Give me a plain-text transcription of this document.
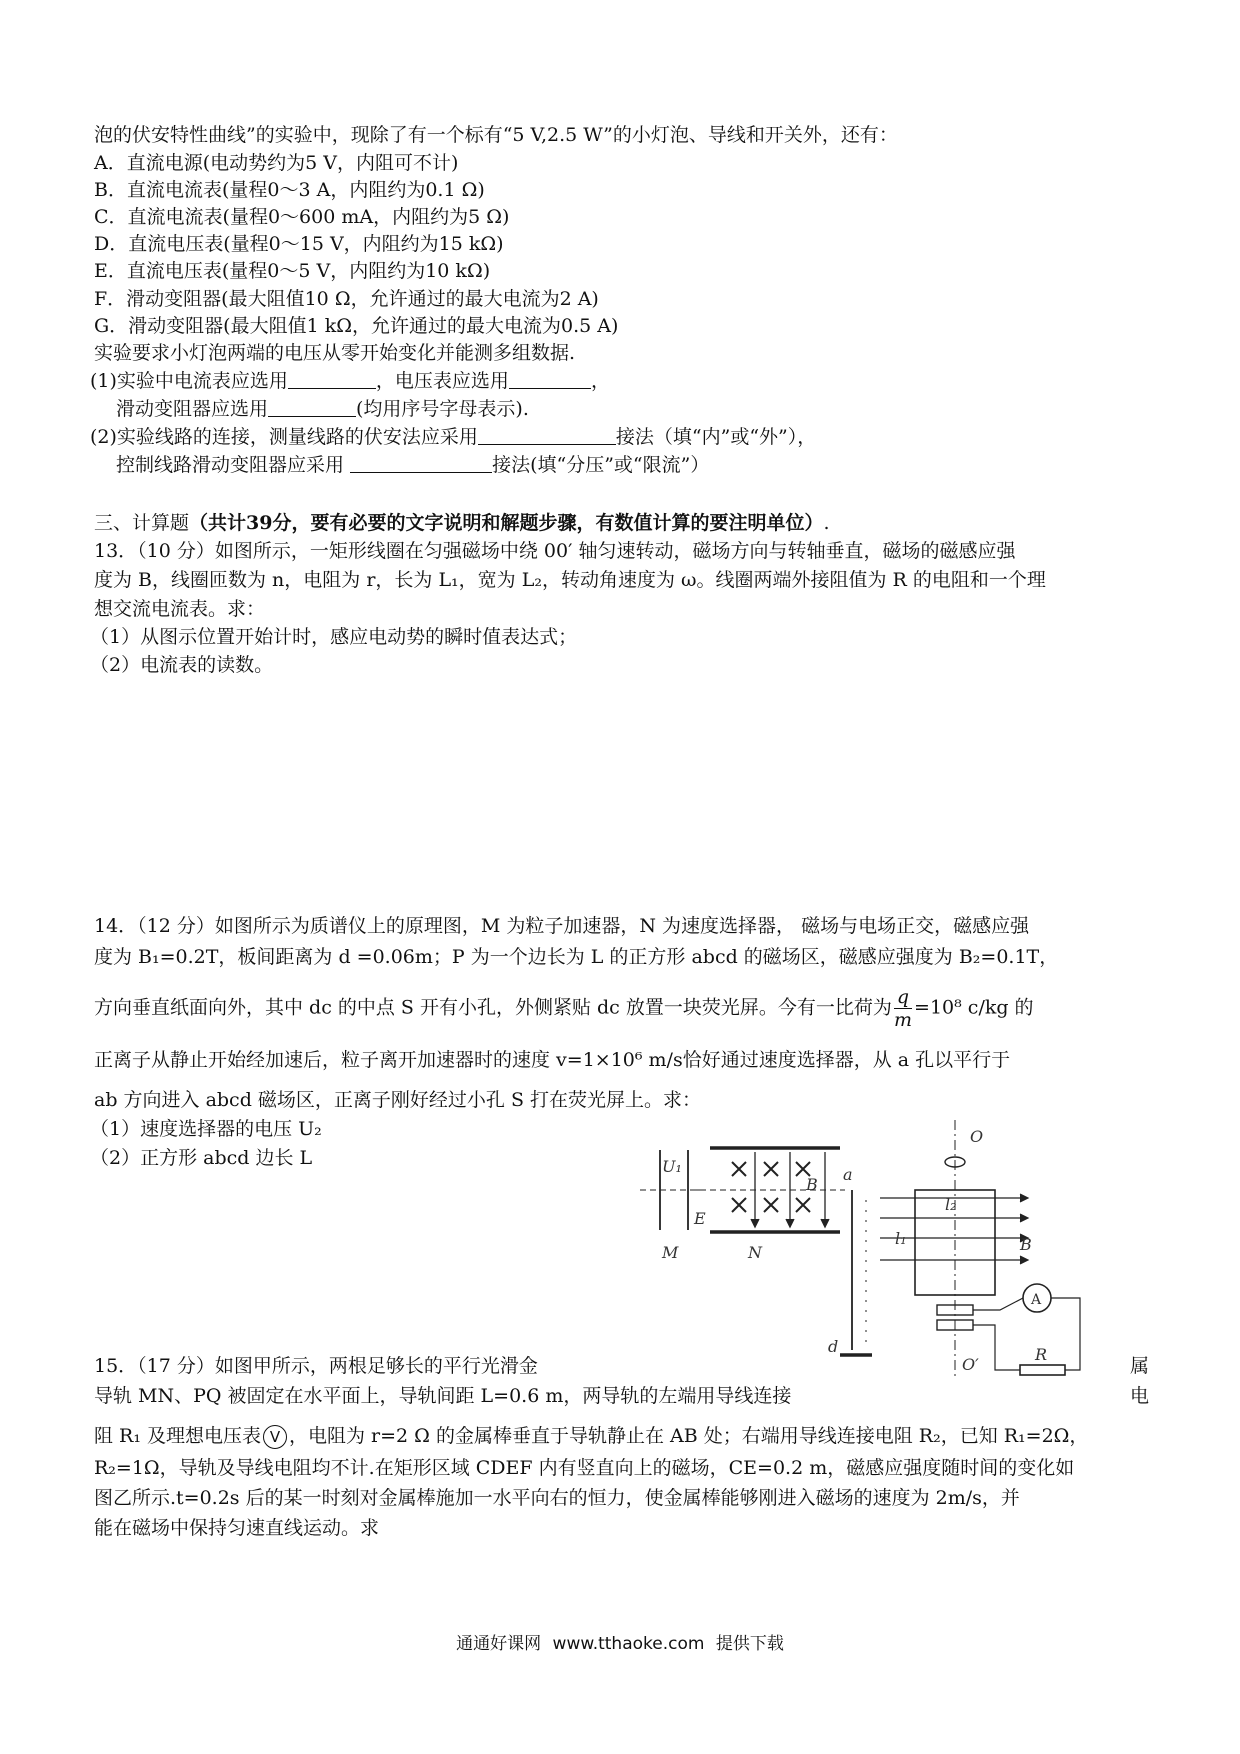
泡的伏安特性曲线”的实验中，现除了有一个标有“5 V,2.5 W”的小灯泡、导线和开关外，还有：
A．直流电源(电动势约为5 V，内阻可不计)
B．直流电流表(量程0～3 A，内阻约为0.1 Ω)
C．直流电流表(量程0～600 mA，内阻约为5 Ω)
D．直流电压表(量程0～15 V，内阻约为15 kΩ)
E．直流电压表(量程0～5 V，内阻约为10 kΩ)
F．滑动变阻器(最大阻值10 Ω，允许通过的最大电流为2 A)
G．滑动变阻器(最大阻值1 kΩ，允许通过的最大电流为0.5 A)
实验要求小灯泡两端的电压从零开始变化并能测多组数据.
(1)实验中电流表应选用	，电压表应选用	，
滑动变阻器应选用	(均用序号字母表示).
(2)实验线路的连接，测量线路的伏安法应采用	接法（填“内”或“外”），
控制线路滑动变阻器应采用	接法(填“分压”或“限流”）
三、计算题（共计39分，要有必要的文字说明和解题步骤，有数值计算的要注明单位）.
13．（10 分）如图所示，一矩形线圈在匀强磁场中绕 00′ 轴匀速转动，磁场方向与转轴垂直，磁场的磁感应强
度为 B，线圈匝数为 n，电阻为 r，长为 L₁，宽为 L₂，转动角速度为 ω。线圈两端外接阻值为 R 的电阻和一个理
想交流电流表。求：
（1）从图示位置开始计时，感应电动势的瞬时值表达式；
（2）电流表的读数。
14．（12 分）如图所示为质谱仪上的原理图，M 为粒子加速器，N 为速度选择器， 磁场与电场正交，磁感应强
度为 B₁=0.2T，板间距离为 d =0.06m；P 为一个边长为 L 的正方形 abcd 的磁场区，磁感应强度为 B₂=0.1T，
方向垂直纸面向外，其中 dc 的中点 S 开有小孔，外侧紧贴 dc 放置一块荧光屏。今有一比荷为 $\frac{q}{m} =10^8$ c/kg 的
正离子从静止开始经加速后，粒子离开加速器时的速度 v=1×10⁶ m/s恰好通过速度选择器，从 a 孔以平行于
ab 方向进入 abcd 磁场区，正离子刚好经过小孔 S 打在荧光屏上。求：
（1）速度选择器的电压 U₂
（2）正方形 abcd 边长 L	U₁
E
M	N
a
B
d
O
O′
l₂
l₁	B
A
R
15．（17 分）如图甲所示，两根足够长的平行光滑金	属
导轨 MN、PQ 被固定在水平面上，导轨间距 L=0.6 m，两导轨的左端用导线连接	电
阻 R₁ 及理想电压表 V ，电阻为 r=2 Ω 的金属棒垂直于导轨静止在 AB 处；右端用导线连接电阻 R₂，已知 R₁=2Ω，
R₂=1Ω，导轨及导线电阻均不计.在矩形区域 CDEF 内有竖直向上的磁场，CE=0.2 m，磁感应强度随时间的变化如
图乙所示.t=0.2s 后的某一时刻对金属棒施加一水平向右的恒力，使金属棒能够刚进入磁场的速度为 2m/s，并
能在磁场中保持匀速直线运动。求
通通好课网 www.tthaoke.com 提供下载
